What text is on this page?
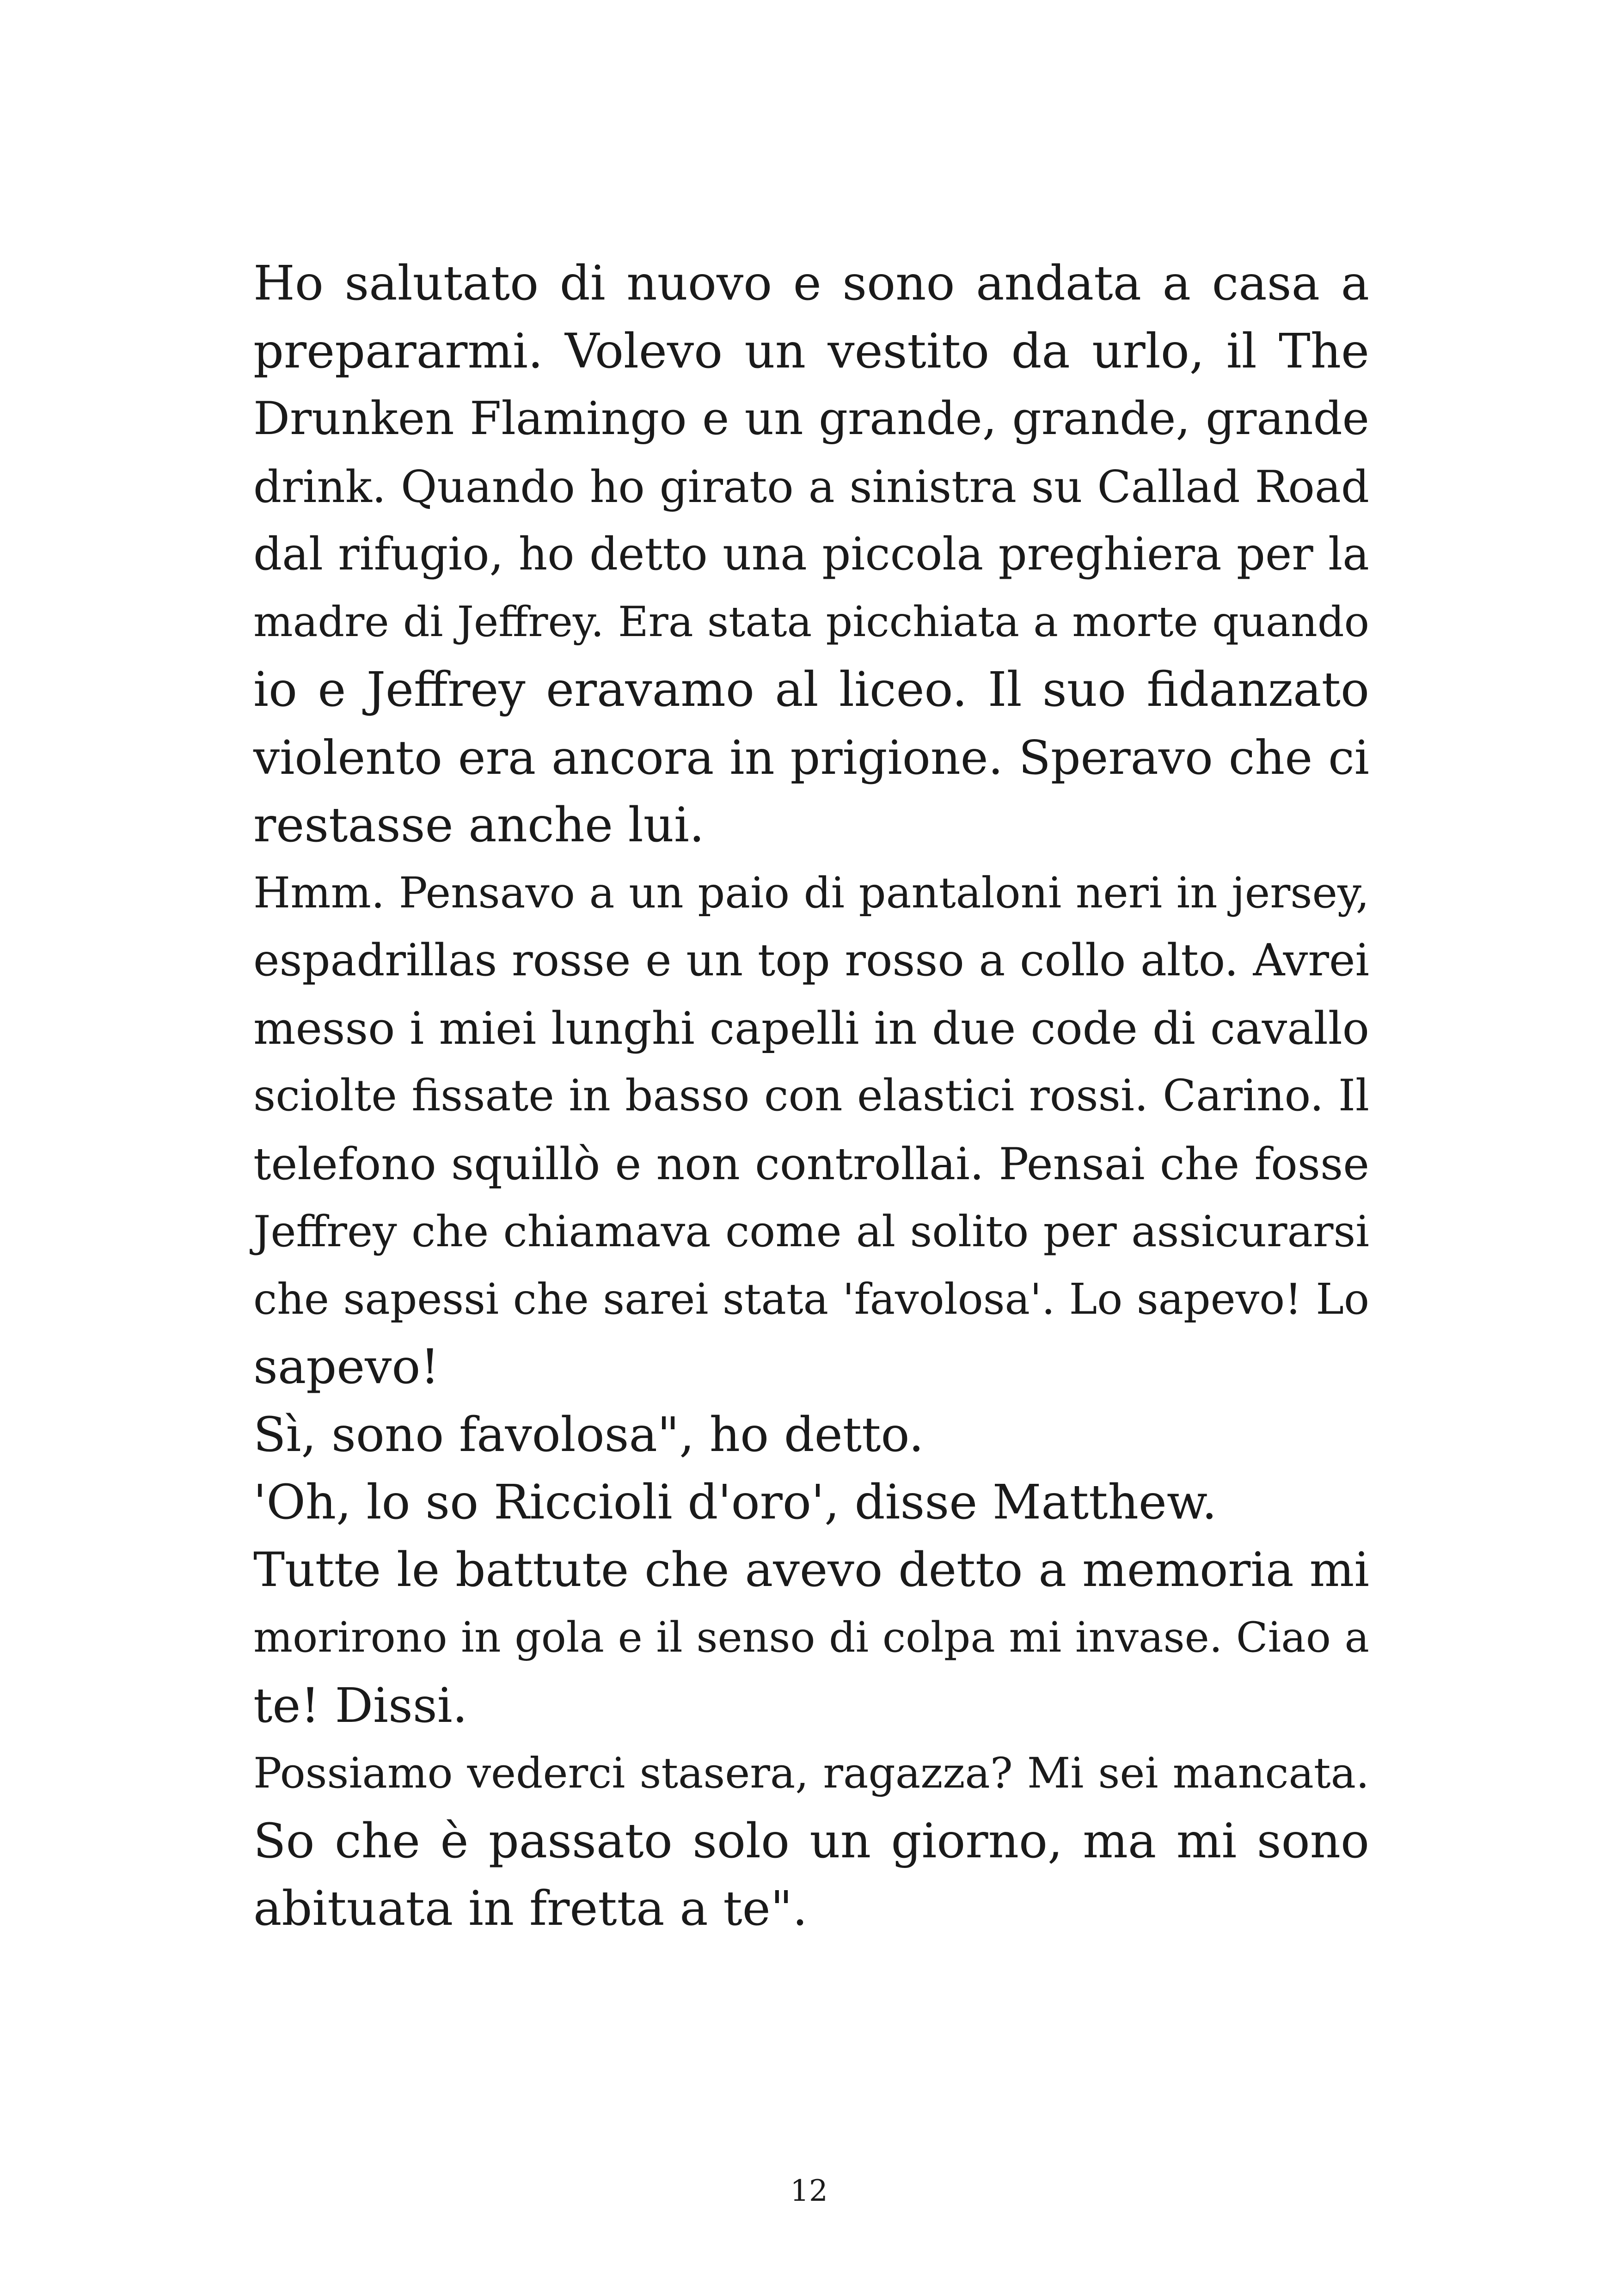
Ho salutato di nuovo e sono andata a casa a
prepararmi. Volevo un vestito da urlo, il The
Drunken Flamingo e un grande, grande, grande
drink. Quando ho girato a sinistra su Callad Road
dal rifugio, ho detto una piccola preghiera per la
madre di Jeffrey. Era stata picchiata a morte quando
io e Jeffrey eravamo al liceo. Il suo fidanzato
violento era ancora in prigione. Speravo che ci
restasse anche lui.
Hmm. Pensavo a un paio di pantaloni neri in jersey,
espadrillas rosse e un top rosso a collo alto. Avrei
messo i miei lunghi capelli in due code di cavallo
sciolte fissate in basso con elastici rossi. Carino. Il
telefono squillò e non controllai. Pensai che fosse
Jeffrey che chiamava come al solito per assicurarsi
che sapessi che sarei stata 'favolosa'. Lo sapevo! Lo
sapevo!
Sì, sono favolosa", ho detto.
'Oh, lo so Riccioli d'oro', disse Matthew.
Tutte le battute che avevo detto a memoria mi
morirono in gola e il senso di colpa mi invase. Ciao a
te! Dissi.
Possiamo vederci stasera, ragazza? Mi sei mancata.
So che è passato solo un giorno, ma mi sono
abituata in fretta a te".
12
